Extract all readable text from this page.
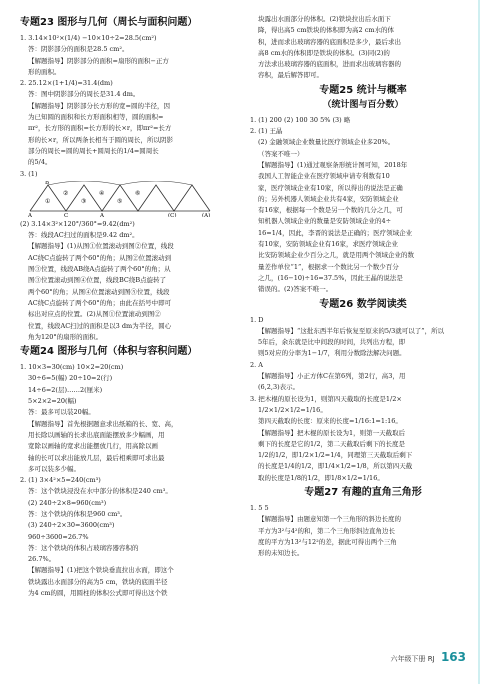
专题23 图形与几何（周长与面积问题）
1. 3.14×10²×(1/4) −10×10÷2=28.5(cm²)
答：阴影部分的面积是28.5 cm²。
【解题指导】阴影部分的面积=扇形的面积−正方
形的面积。
2. 25.12×(1+1/4)=31.4(dm)
答：图中阴影部分的周长是31.4 dm。
【解题指导】阴影部分长方形的宽=圆的半径，因
为已知圆的面积和长方形面积相等，圆的面积=
πr²，长方形的面积=长方形的长×r，即πr²=长方
形的长×r，所以两条长相当于圆的周长，所以阴影
部分的周长=圆的周长+圆周长的1/4=圆周长
的5/4。
3. (1)
①
②
③
④
⑤
⑥
A
B
C	A	(C)	(A)
(2) 3.14×3²×120°/360°=9.42(dm²)
答：线段AC扫过的面积是9.42 dm²。
【解题指导】(1)从图①位置滚动到图②位置，线段
AC绕C点旋转了两个60°的角；从图②位置滚动到
图③位置，线段AB绕A点旋转了两个60°的角；从
图③位置滚动到图④位置，线段BC绕B点旋转了
两个60°的角；从图④位置滚动到图⑤位置，线段
AC绕C点旋转了两个60°的角；由此在括号中即可
标出对应点的位置。(2)从图①位置滚动到图②
位置，线段AC扫过的面积是以3 dm为半径，圆心
角为120°的扇形的面积。
专题24 图形与几何（体积与容积问题）
1. 10×3=30(cm) 10×2=20(cm)
30÷6=5(幅) 20÷10=2(行)
14÷6=2(层)……2(厘米)
5×2×2=20(幅)
答：最多可以装20幅。
【解题指导】首先根据题意求出纸箱的长、宽、高，
用长除以画轴的长求出底面能摆放多少幅画，用
宽除以画轴的宽求出能摆放几行，用高除以画
轴的长可以求出能放几层，最后相乘即可求出最
多可以装多少幅。
2. (1) 3×4²×5=240(cm³)
答：这个铁块浸没在水中部分的体积是240 cm³。
(2) 240÷2×8=960(cm³)
答：这个铁块的体积是960 cm³。
(3) 240÷2×30=3600(cm³)
960÷3600≈26.7%
答：这个铁块的体积占玻璃容器容积的
26.7%。
【解题指导】(1)把这个铁块垂直拉出水面，即这个
铁块露出水面部分的高为5 cm，铁块的底面半径
为4 cm的圆，用圆柱的体积公式即可得出这个铁
块露出水面部分的体积。(2)铁块拉出后水面下
降，得出高5 cm铁块的体积即为高2 cm水的体
积，进而求出玻璃容器的底面积是多少，最后求出
高8 cm水的体积即是铁块的体积。(3)同(2)的
方法求出玻璃容器的底面积，进而求出玻璃容器的
容积，最后解答即可。
专题25 统计与概率
（统计图与百分数）
1. (1) 200 (2) 100 30 5% (3) 略
2. (1) 王晶
(2) 金融领域企业数量比医疗领域企业多20%。
（答案不唯一）
【解题指导】(1)通过观察条形统计图可知，2018年
我国人工智能企业在医疗领域申请专利数有10
家，医疗领域企业有10家，所以得出的说法是正确
的；另外机器人领域企业共有4家，安防领域企业
有16家，根据每一个数是另一个数的几分之几，可
知机器人领域企业的数量是安防领域企业的4÷
16=1/4，因此，李晋的说法是正确的；医疗领域企业
有10家，安防领域企业有16家，求医疗领域企业
比安防领域企业少百分之几，就是用两个领域企业的数
量差作单位“1”，根据求一个数比另一个数少百分
之几，(16−10)÷16=37.5%，因此王晶的说法是
错误的。(2)答案不唯一。
专题26 数学阅读类
1. D
【解题指导】“这批东西半年后恢复至原来的5/3就可以了”，所以
5年后，余东就是比中间段的时间，共列出方程，即
则5对应的分率为1−1/7，利用分数除法解决问题。
2. A
【解题指导】小正方体C在第6列，第2行，高3，用
(6,2,3)表示。
3. 把木棍的原长设为1，则第四天截取的长度是1/2×
1/2×1/2×1/2=1/16。
第四天截取的长度：原来的长度=1/16:1=1:16。
【解题指导】把木棍的原长设为1，则第一天截取后
剩下的长度是它的1/2，第二天截取后剩下的长度是
1/2的1/2，即1/2×1/2=1/4，同理第三天截取后剩下
的长度是1/4的1/2，即1/4×1/2=1/8，所以第四天截
取的长度是1/8的1/2，即1/8×1/2=1/16。
专题27 有趣的直角三角形
1. 5 5
【解题指导】由题意知第一个三角形的斜边长度的
平方为3²与4²的和，第二个三角形斜边直角边长
度的平方为13²与12²的差，据此可得出两个三角
形的未知边长。
六年级下册 RJ 163
